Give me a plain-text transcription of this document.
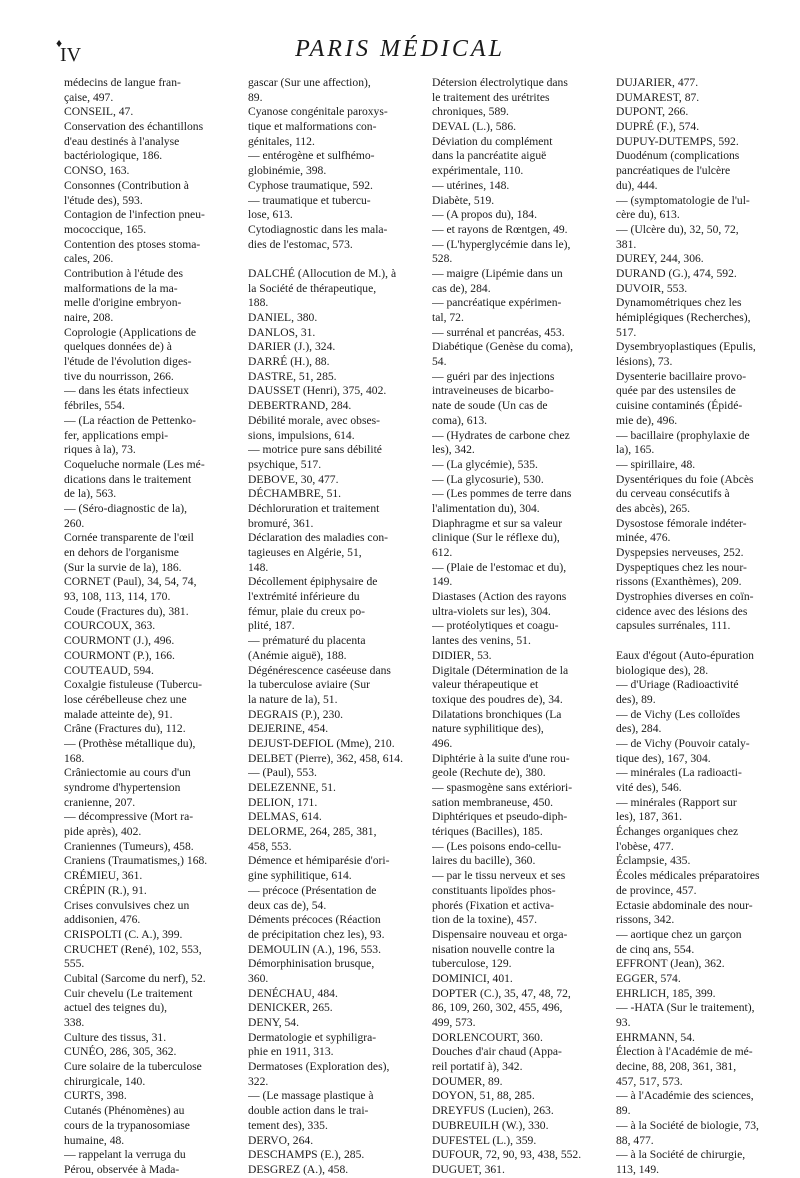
♦
IV	PARIS MÉDICAL
médecins de langue fran-
çaise, 497.
CONSEIL, 47.
Conservation des échantillons
d'eau destinés à l'analyse
bactériologique, 186.
CONSO, 163.
Consonnes (Contribution à
l'étude des), 593.
Contagion de l'infection pneu-
mococcique, 165.
Contention des ptoses stoma-
cales, 206.
Contribution à l'étude des
malformations de la ma-
melle d'origine embryon-
naire, 208.
Coprologie (Applications de
quelques données de) à
l'étude de l'évolution diges-
tive du nourrisson, 266.
— dans les états infectieux
fébriles, 554.
— (La réaction de Pettenko-
fer, applications empi-
riques à la), 73.
Coqueluche normale (Les mé-
dications dans le traitement
de la), 563.
— (Séro-diagnostic de la),
260.
Cornée transparente de l'œil
en dehors de l'organisme
(Sur la survie de la), 186.
CORNET (Paul), 34, 54, 74,
93, 108, 113, 114, 170.
Coude (Fractures du), 381.
COURCOUX, 363.
COURMONT (J.), 496.
COURMONT (P.), 166.
COUTEAUD, 594.
Coxalgie fistuleuse (Tubercu-
lose cérébelleuse chez une
malade atteinte de), 91.
Crâne (Fractures du), 112.
— (Prothèse métallique du),
168.
Crâniectomie au cours d'un
syndrome d'hypertension
cranienne, 207.
— décompressive (Mort ra-
pide après), 402.
Craniennes (Tumeurs), 458.
Craniens (Traumatismes,) 168.
CRÉMIEU, 361.
CRÉPIN (R.), 91.
Crises convulsives chez un
addisonien, 476.
CRISPOLTI (C. A.), 399.
CRUCHET (René), 102, 553,
555.
Cubital (Sarcome du nerf), 52.
Cuir chevelu (Le traitement
actuel des teignes du),
338.
Culture des tissus, 31.
CUNÉO, 286, 305, 362.
Cure solaire de la tuberculose
chirurgicale, 140.
CURTS, 398.
Cutanés (Phénomènes) au
cours de la trypanosomiase
humaine, 48.
— rappelant la verruga du
Pérou, observée à Mada-
gascar (Sur une affection),
89.
Cyanose congénitale paroxys-
tique et malformations con-
génitales, 112.
— entérogène et sulfhémo-
globinémie, 398.
Cyphose traumatique, 592.
— traumatique et tubercu-
lose, 613.
Cytodiagnostic dans les mala-
dies de l'estomac, 573.
DALCHÉ (Allocution de M.), à
la Société de thérapeutique,
188.
DANIEL, 380.
DANLOS, 31.
DARIER (J.), 324.
DARRÉ (H.), 88.
DASTRE, 51, 285.
DAUSSET (Henri), 375, 402.
DEBERTRAND, 284.
Débilité morale, avec obses-
sions, impulsions, 614.
— motrice pure sans débilité
psychique, 517.
DEBOVE, 30, 477.
DÉCHAMBRE, 51.
Déchloruration et traitement
bromuré, 361.
Déclaration des maladies con-
tagieuses en Algérie, 51,
148.
Décollement épiphysaire de
l'extrémité inférieure du
fémur, plaie du creux po-
plité, 187.
— prématuré du placenta
(Anémie aiguë), 188.
Dégénérescence caséeuse dans
la tuberculose aviaire (Sur
la nature de la), 51.
DEGRAIS (P.), 230.
DEJERINE, 454.
DEJUST-DEFIOL (Mme), 210.
DELBET (Pierre), 362, 458, 614.
— (Paul), 553.
DELEZENNE, 51.
DELION, 171.
DELMAS, 614.
DELORME, 264, 285, 381,
458, 553.
Démence et hémiparésie d'ori-
gine syphilitique, 614.
— précoce (Présentation de
deux cas de), 54.
Déments précoces (Réaction
de précipitation chez les), 93.
DEMOULIN (A.), 196, 553.
Démorphinisation brusque,
360.
DENÉCHAU, 484.
DENICKER, 265.
DENY, 54.
Dermatologie et syphiligra-
phie en 1911, 313.
Dermatoses (Exploration des),
322.
— (Le massage plastique à
double action dans le trai-
tement des), 335.
DERVO, 264.
DESCHAMPS (E.), 285.
DESGREZ (A.), 458.
Détersion électrolytique dans
le traitement des urétrites
chroniques, 589.
DEVAL (L.), 586.
Déviation du complément
dans la pancréatite aiguë
expérimentale, 110.
— utérines, 148.
Diabète, 519.
— (A propos du), 184.
— et rayons de Rœntgen, 49.
— (L'hyperglycémie dans le),
528.
— maigre (Lipémie dans un
cas de), 284.
— pancréatique expérimen-
tal, 72.
— surrénal et pancréas, 453.
Diabétique (Genèse du coma),
54.
— guéri par des injections
intraveineuses de bicarbo-
nate de soude (Un cas de
coma), 613.
— (Hydrates de carbone chez
les), 342.
— (La glycémie), 535.
— (La glycosurie), 530.
— (Les pommes de terre dans
l'alimentation du), 304.
Diaphragme et sur sa valeur
clinique (Sur le réflexe du),
612.
— (Plaie de l'estomac et du),
149.
Diastases (Action des rayons
ultra-violets sur les), 304.
— protéolytiques et coagu-
lantes des venins, 51.
DIDIER, 53.
Digitale (Détermination de la
valeur thérapeutique et
toxique des poudres de), 34.
Dilatations bronchiques (La
nature syphilitique des),
496.
Diphtérie à la suite d'une rou-
geole (Rechute de), 380.
— spasmogène sans extériori-
sation membraneuse, 450.
Diphtériques et pseudo-diph-
tériques (Bacilles), 185.
— (Les poisons endo-cellu-
laires du bacille), 360.
— par le tissu nerveux et ses
constituants lipoïdes phos-
phorés (Fixation et activa-
tion de la toxine), 457.
Dispensaire nouveau et orga-
nisation nouvelle contre la
tuberculose, 129.
DOMINICI, 401.
DOPTER (C.), 35, 47, 48, 72,
86, 109, 260, 302, 455, 496,
499, 573.
DORLENCOURT, 360.
Douches d'air chaud (Appa-
reil portatif à), 342.
DOUMER, 89.
DOYON, 51, 88, 285.
DREYFUS (Lucien), 263.
DUBREUILH (W.), 330.
DUFESTEL (L.), 359.
DUFOUR, 72, 90, 93, 438, 552.
DUGUET, 361.
DUJARIER, 477.
DUMAREST, 87.
DUPONT, 266.
DUPRÉ (F.), 574.
DUPUY-DUTEMPS, 592.
Duodénum (complications
pancréatiques de l'ulcère
du), 444.
— (symptomatologie de l'ul-
cère du), 613.
— (Ulcère du), 32, 50, 72,
381.
DUREY, 244, 306.
DURAND (G.), 474, 592.
DUVOIR, 553.
Dynamométriques chez les
hémiplégiques (Recherches),
517.
Dysembryoplastiques (Epulis,
lésions), 73.
Dysenterie bacillaire provo-
quée par des ustensiles de
cuisine contaminés (Épidé-
mie de), 496.
— bacillaire (prophylaxie de
la), 165.
— spirillaire, 48.
Dysentériques du foie (Abcès
du cerveau consécutifs à
des abcès), 265.
Dysostose fémorale indéter-
minée, 476.
Dyspepsies nerveuses, 252.
Dyspeptiques chez les nour-
rissons (Exanthèmes), 209.
Dystrophies diverses en coïn-
cidence avec des lésions des
capsules surrénales, 111.
Eaux d'égout (Auto-épuration
biologique des), 28.
— d'Uriage (Radioactivité
des), 89.
— de Vichy (Les colloïdes
des), 284.
— de Vichy (Pouvoir cataly-
tique des), 167, 304.
— minérales (La radioacti-
vité des), 546.
— minérales (Rapport sur
les), 187, 361.
Échanges organiques chez
l'obèse, 477.
Éclampsie, 435.
Écoles médicales préparatoires
de province, 457.
Ectasie abdominale des nour-
rissons, 342.
— aortique chez un garçon
de cinq ans, 554.
EFFRONT (Jean), 362.
EGGER, 574.
EHRLICH, 185, 399.
— -HATA (Sur le traitement),
93.
EHRMANN, 54.
Élection à l'Académie de mé-
decine, 88, 208, 361, 381,
457, 517, 573.
— à l'Académie des sciences,
89.
— à la Société de biologie, 73,
88, 477.
— à la Société de chirurgie,
113, 149.
